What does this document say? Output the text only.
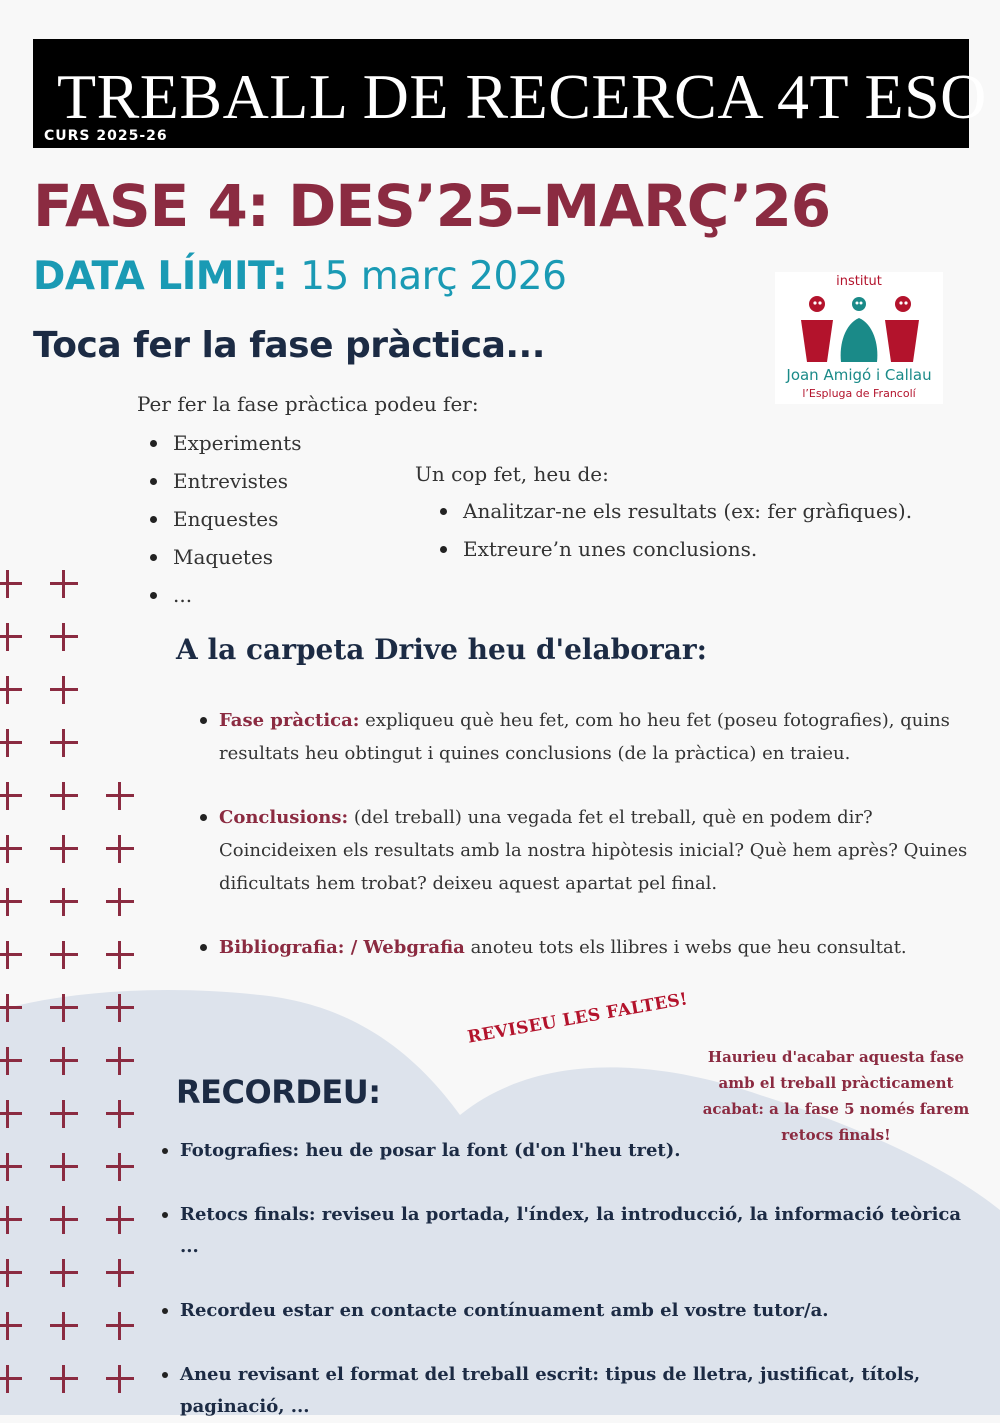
TREBALL DE RECERCA 4T ESO
CURS 2025-26
FASE 4: DES’25–MARÇ’26
DATA LÍMIT: 15 març 2026
Toca fer la fase pràctica...
institut
Joan Amigó i Callau
l’Espluga de Francolí
Per fer la fase pràctica podeu fer:
Experiments
Entrevistes
Enquestes
Maquetes
...
Un cop fet, heu de:
Analitzar-ne els resultats (ex: fer gràfiques).
Extreure’n unes conclusions.
A la carpeta Drive heu d'elaborar:
Fase pràctica: expliqueu què heu fet, com ho heu fet (poseu fotografies), quins resultats heu obtingut i quines conclusions (de la pràctica) en traieu.
Conclusions: (del treball) una vegada fet el treball, què en podem dir? Coincideixen els resultats amb la nostra hipòtesis inicial? Què hem après? Quines dificultats hem trobat? deixeu aquest apartat pel final.
Bibliografia: / Webgrafia anoteu tots els llibres i webs que heu consultat.
REVISEU LES FALTES!
Haurieu d'acabar aquesta fase amb el treball pràcticament acabat: a la fase 5 només farem retocs finals!
RECORDEU:
Fotografies: heu de posar la font (d'on l'heu tret).
Retocs finals: reviseu la portada, l'índex, la introducció, la informació teòrica ...
Recordeu estar en contacte contínuament amb el vostre tutor/a.
Aneu revisant el format del treball escrit: tipus de lletra, justificat, títols, paginació, ...
